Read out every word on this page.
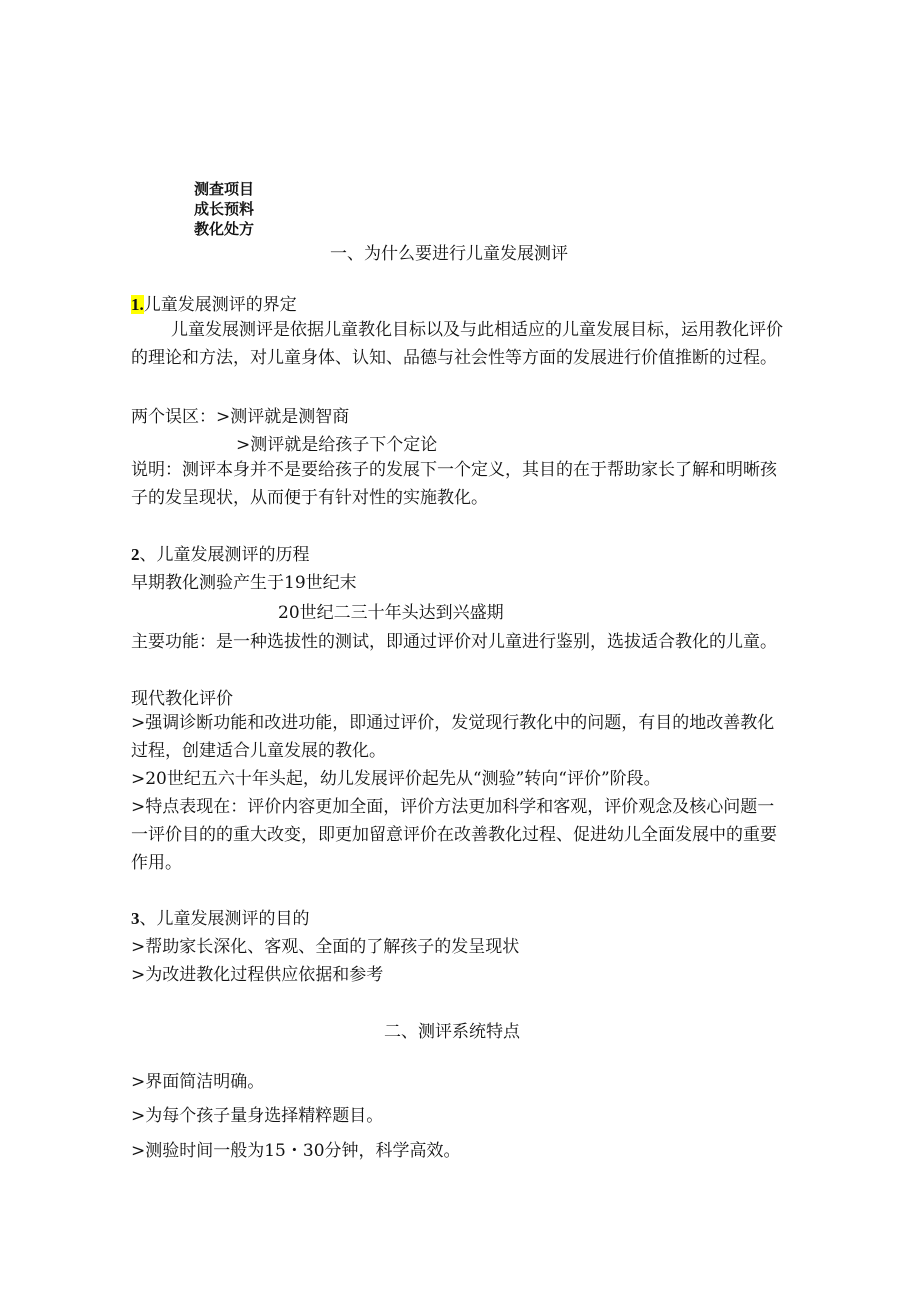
测查项目
成长预料
教化处方
一、为什么要进行儿童发展测评
1.儿童发展测评的界定
儿童发展测评是依据儿童教化目标以及与此相适应的儿童发展目标，运用教化评价的理论和方法，对儿童身体、认知、品德与社会性等方面的发展进行价值推断的过程。
两个误区：>测评就是测智商
>测评就是给孩子下个定论
说明：测评本身并不是要给孩子的发展下一个定义，其目的在于帮助家长了解和明晰孩子的发呈现状，从而便于有针对性的实施教化。
2、儿童发展测评的历程
早期教化测验产生于19世纪末
20世纪二三十年头达到兴盛期
主要功能：是一种选拔性的测试，即通过评价对儿童进行鉴别，选拔适合教化的儿童。
现代教化评价
>强调诊断功能和改进功能，即通过评价，发觉现行教化中的问题，有目的地改善教化过程，创建适合儿童发展的教化。
>20世纪五六十年头起，幼儿发展评价起先从“测验”转向“评价”阶段。
>特点表现在：评价内容更加全面，评价方法更加科学和客观，评价观念及核心问题一一评价目的的重大改变，即更加留意评价在改善教化过程、促进幼儿全面发展中的重要作用。
3、儿童发展测评的目的
>帮助家长深化、客观、全面的了解孩子的发呈现状
>为改进教化过程供应依据和参考
二、测评系统特点
>界面简洁明确。
>为每个孩子量身选择精粹题目。
>测验时间一般为15・30分钟，科学高效。
